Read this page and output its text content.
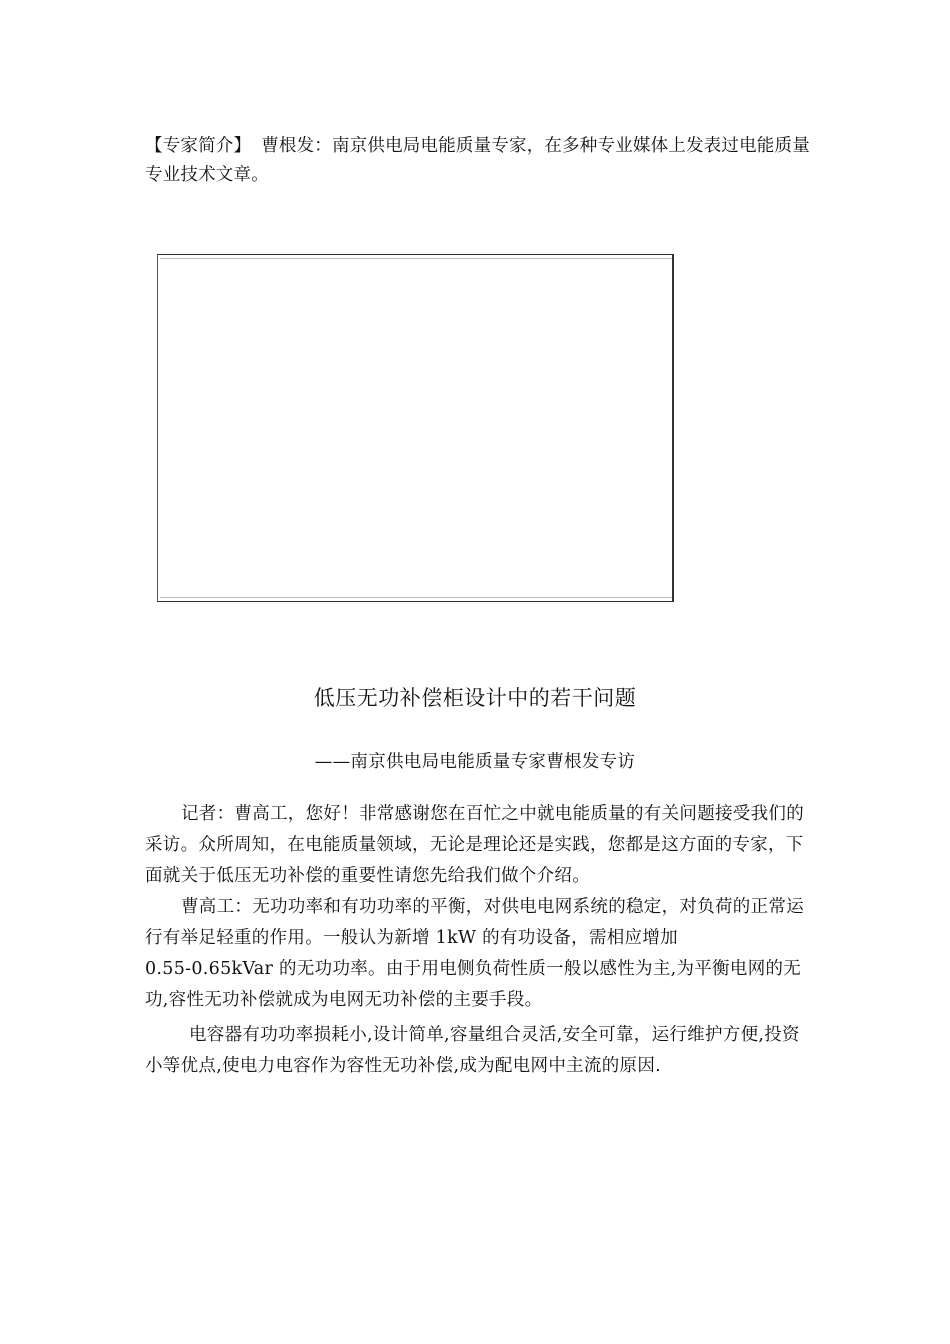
【专家简介】 曹根发：南京供电局电能质量专家，在多种专业媒体上发表过电能质量专业技术文章。
低压无功补偿柜设计中的若干问题
——南京供电局电能质量专家曹根发专访

记者：曹高工，您好！非常感谢您在百忙之中就电能质量的有关问题接受我们的采访。众所周知，在电能质量领域，无论是理论还是实践，您都是这方面的专家，下面就关于低压无功补偿的重要性请您先给我们做个介绍。

曹高工：无功功率和有功功率的平衡，对供电电网系统的稳定，对负荷的正常运行有举足轻重的作用。一般认为新增 1kW 的有功设备，需相应增加

0.55-0.65kVar 的无功功率。由于用电侧负荷性质一般以感性为主,为平衡电网的无功,容性无功补偿就成为电网无功补偿的主要手段。

电容器有功功率损耗小,设计简单,容量组合灵活,安全可靠，运行维护方便,投资小等优点,使电力电容作为容性无功补偿,成为配电网中主流的原因.
